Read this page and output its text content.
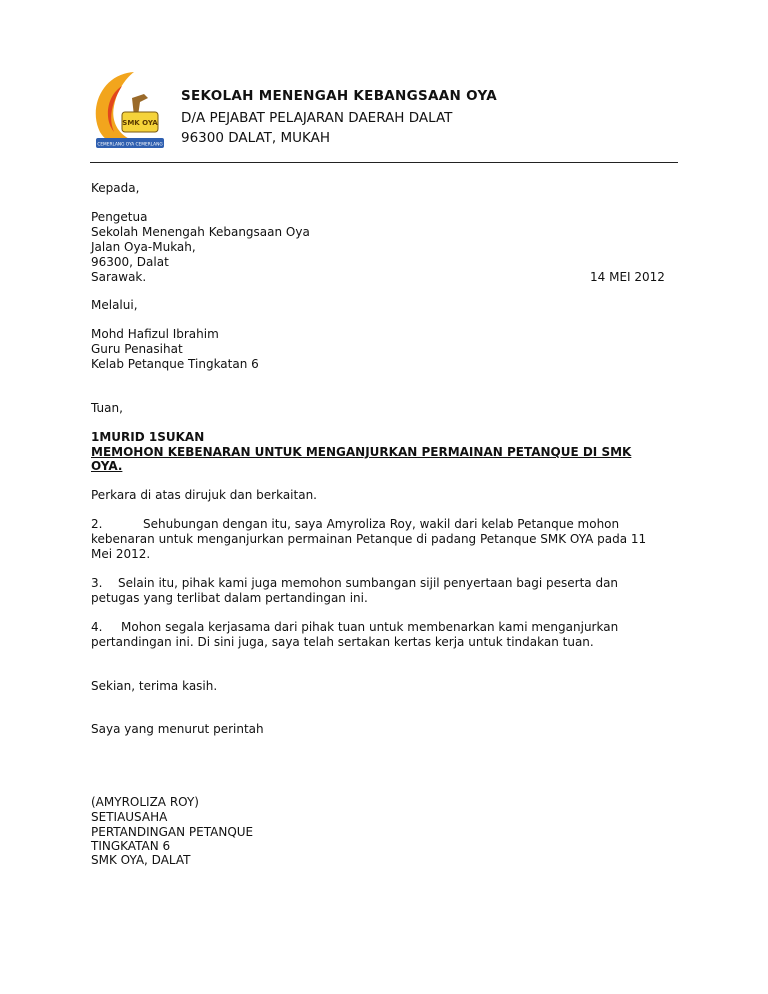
SMK OYA
CEMERLANG OYA CEMERLANG
SEKOLAH MENENGAH KEBANGSAAN OYA
D/A PEJABAT PELAJARAN DAERAH DALAT
96300 DALAT, MUKAH
Kepada,
Pengetua
Sekolah Menengah Kebangsaan Oya
Jalan Oya-Mukah,
96300, Dalat
Sarawak.	14 MEI 2012
Melalui,
Mohd Hafizul Ibrahim
Guru Penasihat
Kelab Petanque Tingkatan 6
Tuan,
1MURID 1SUKAN
MEMOHON KEBENARAN UNTUK MENGANJURKAN PERMAINAN PETANQUE DI SMK
OYA.
Perkara di atas dirujuk dan berkaitan.
2.	Sehubungan dengan itu, saya Amyroliza Roy, wakil dari kelab Petanque mohon
kebenaran untuk menganjurkan permainan Petanque di padang Petanque SMK OYA pada 11
Mei 2012.
3. Selain itu, pihak kami juga memohon sumbangan sijil penyertaan bagi peserta dan
petugas yang terlibat dalam pertandingan ini.
4. Mohon segala kerjasama dari pihak tuan untuk membenarkan kami menganjurkan
pertandingan ini. Di sini juga, saya telah sertakan kertas kerja untuk tindakan tuan.
Sekian, terima kasih.
Saya yang menurut perintah
(AMYROLIZA ROY)
SETIAUSAHA
PERTANDINGAN PETANQUE
TINGKATAN 6
SMK OYA, DALAT
